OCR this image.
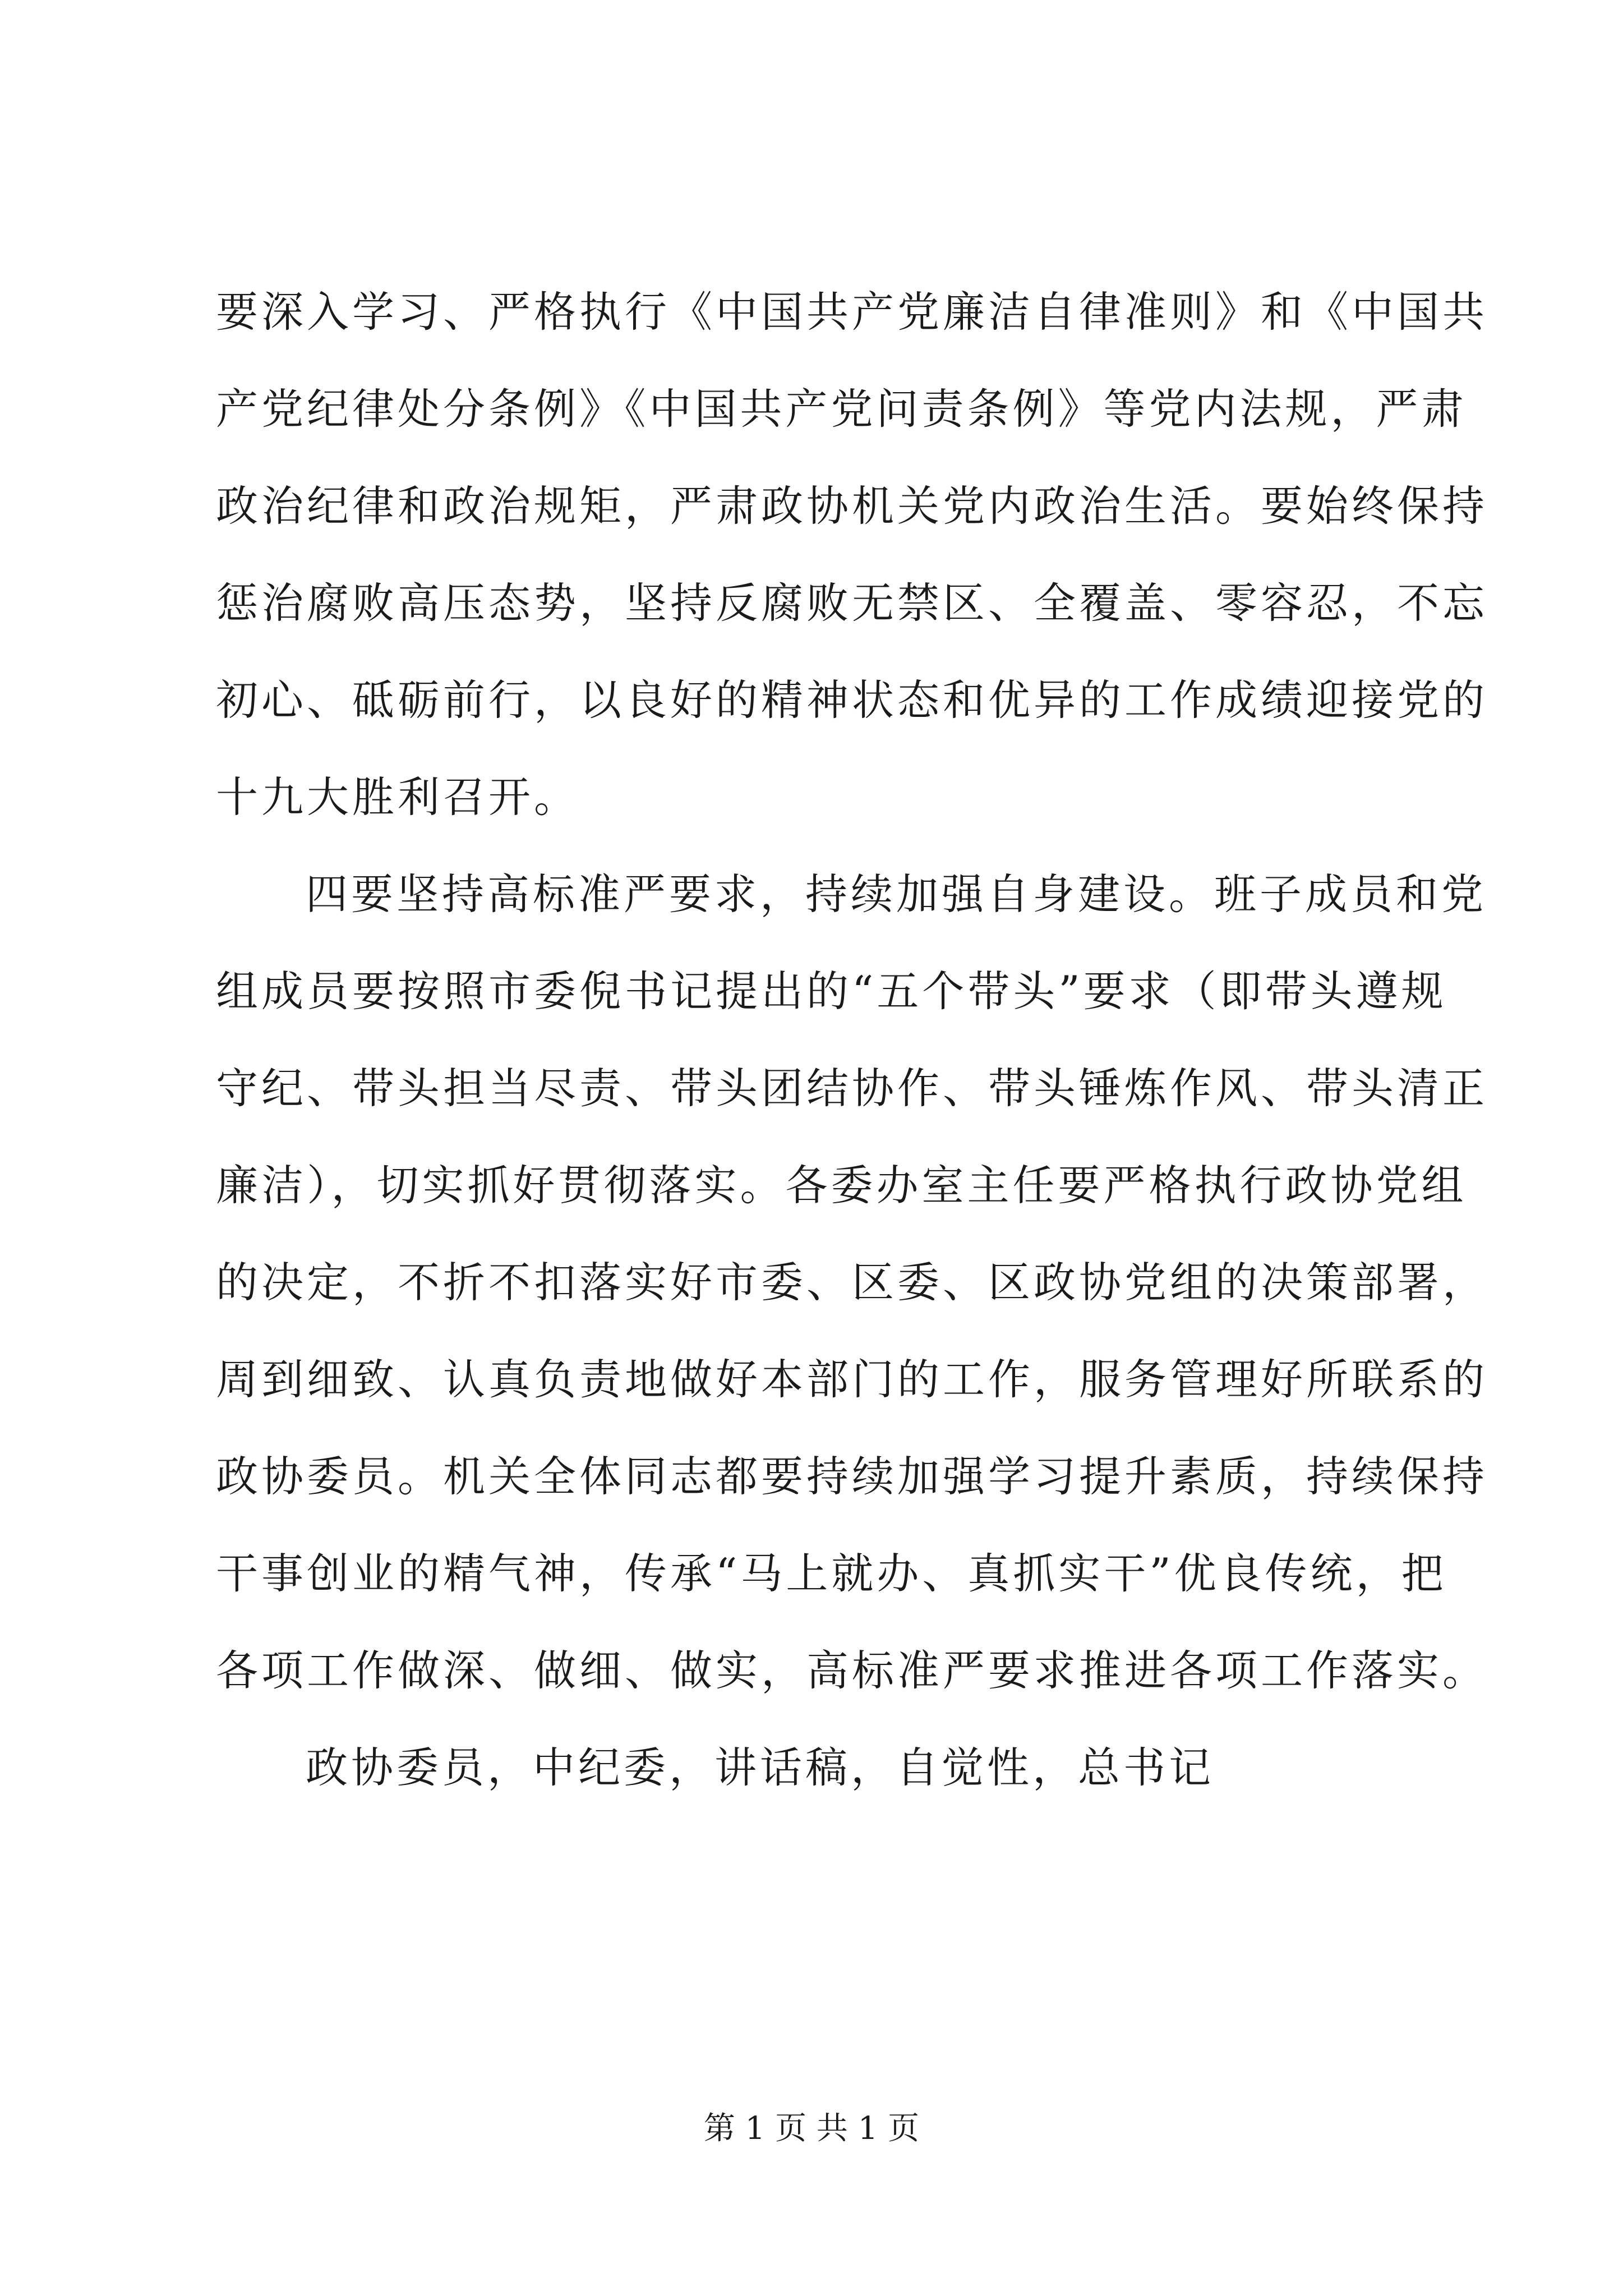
要深入学习、严格执行《中国共产党廉洁自律准则》和《中国共
产党纪律处分条例》《中国共产党问责条例》等党内法规，严肃
政治纪律和政治规矩，严肃政协机关党内政治生活。要始终保持
惩治腐败高压态势，坚持反腐败无禁区、全覆盖、零容忍，不忘
初心、砥砺前行，以良好的精神状态和优异的工作成绩迎接党的
十九大胜利召开。
四要坚持高标准严要求，持续加强自身建设。班子成员和党
组成员要按照市委倪书记提出的“五个带头”要求（即带头遵规
守纪、带头担当尽责、带头团结协作、带头锤炼作风、带头清正
廉洁），切实抓好贯彻落实。各委办室主任要严格执行政协党组
的决定，不折不扣落实好市委、区委、区政协党组的决策部署，
周到细致、认真负责地做好本部门的工作，服务管理好所联系的
政协委员。机关全体同志都要持续加强学习提升素质，持续保持
干事创业的精气神，传承“马上就办、真抓实干”优良传统，把
各项工作做深、做细、做实，高标准严要求推进各项工作落实。
政协委员，中纪委，讲话稿，自觉性，总书记
第 1 页 共 1 页
